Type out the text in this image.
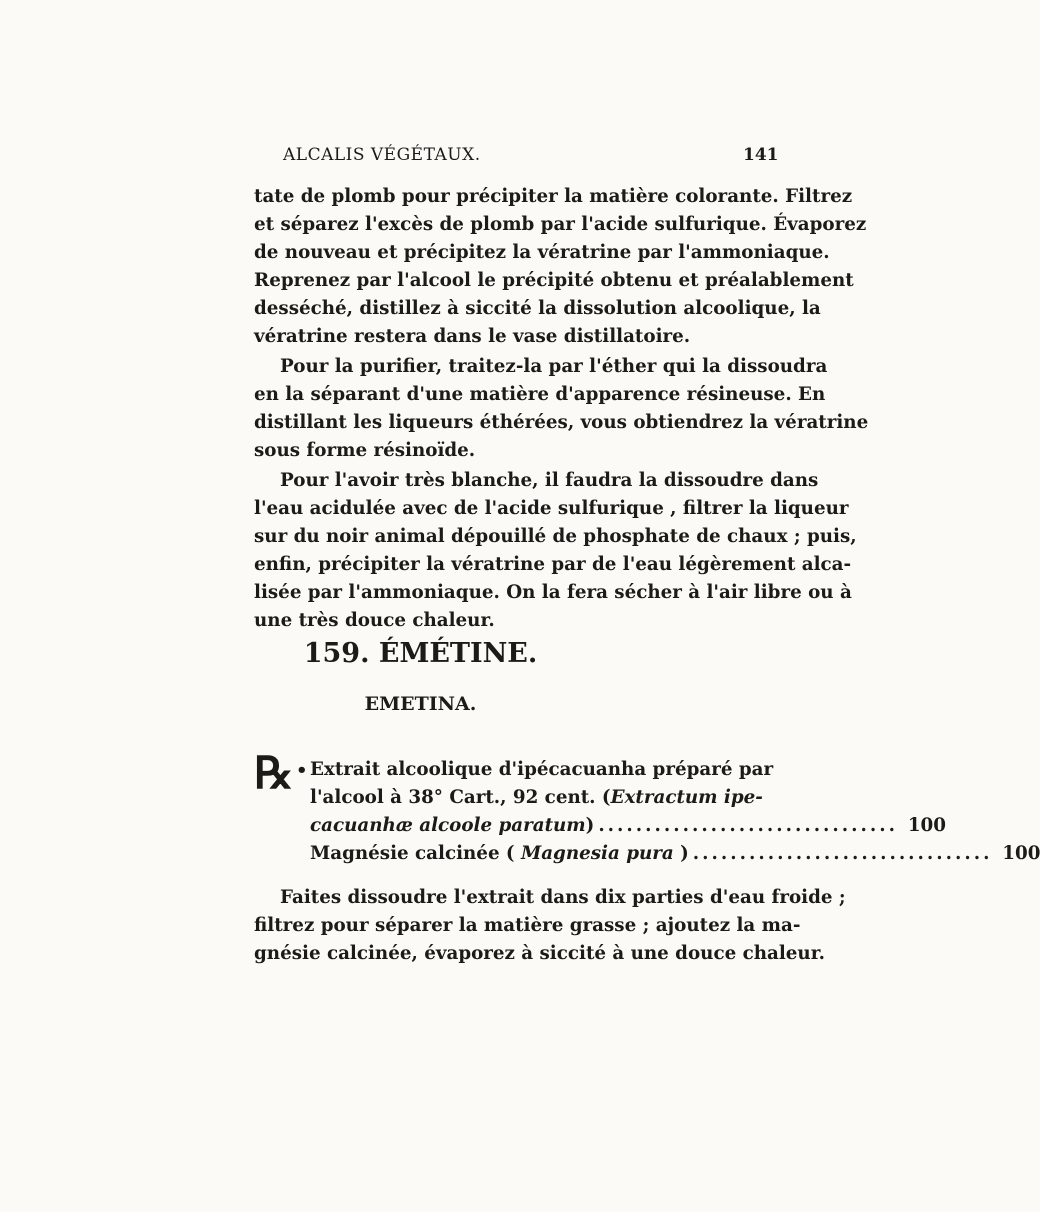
ALCALIS VÉGÉTAUX.	141

tate de plomb pour précipiter la matière colorante. Filtrez
et séparez l'excès de plomb par l'acide sulfurique. Évaporez
de nouveau et précipitez la vératrine par l'ammoniaque.
Reprenez par l'alcool le précipité obtenu et préalablement
desséché, distillez à siccité la dissolution alcoolique, la
vératrine restera dans le vase distillatoire.

Pour la purifier, traitez-la par l'éther qui la dissoudra
en la séparant d'une matière d'apparence résineuse. En
distillant les liqueurs éthérées, vous obtiendrez la vératrine
sous forme résinoïde.

Pour l'avoir très blanche, il faudra la dissoudre dans
l'eau acidulée avec de l'acide sulfurique , filtrer la liqueur
sur du noir animal dépouillé de phosphate de chaux ; puis,
enfin, précipiter la vératrine par de l'eau légèrement alca-
lisée par l'ammoniaque. On la fera sécher à l'air libre ou à
une très douce chaleur.

159. ÉMÉTINE.
EMETINA.
℞ • Extrait alcoolique d'ipécacuanha préparé par
l'alcool à 38° Cart., 92 cent. (Extractum ipe-
cacuanhæ alcoole paratum) ................................ 100
Magnésie calcinée ( Magnesia pura ) ................................ 100

Faites dissoudre l'extrait dans dix parties d'eau froide ;
filtrez pour séparer la matière grasse ; ajoutez la ma-
gnésie calcinée, évaporez à siccité à une douce chaleur.
